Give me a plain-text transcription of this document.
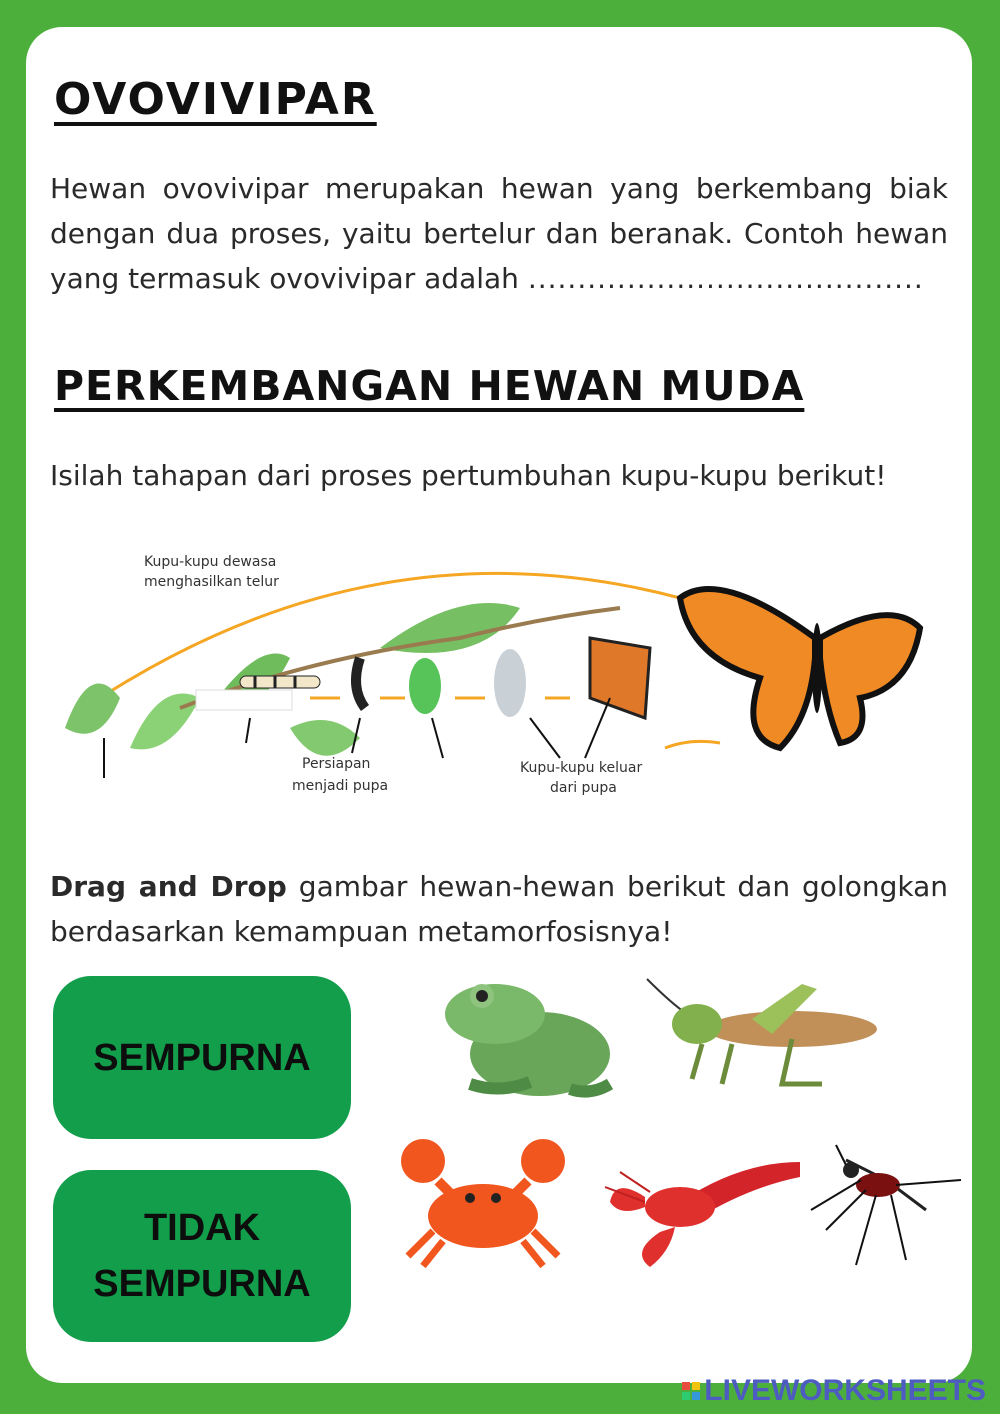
OVOVIVIPAR

Hewan ovovivipar merupakan hewan yang berkembang biak dengan dua proses, yaitu bertelur dan beranak. Contoh hewan yang termasuk ovovivipar adalah ........................................

PERKEMBANGAN HEWAN MUDA

Isilah tahapan dari proses pertumbuhan kupu-kupu berikut!

Kupu-kupu dewasa
menghasilkan telur
Persiapan
menjadi pupa
Kupu-kupu keluar
dari pupa

Drag and Drop gambar hewan-hewan berikut dan golongkan berdasarkan kemampuan metamorfosisnya!

SEMPURNA
TIDAK SEMPURNA
LIVEWORKSHEETS
